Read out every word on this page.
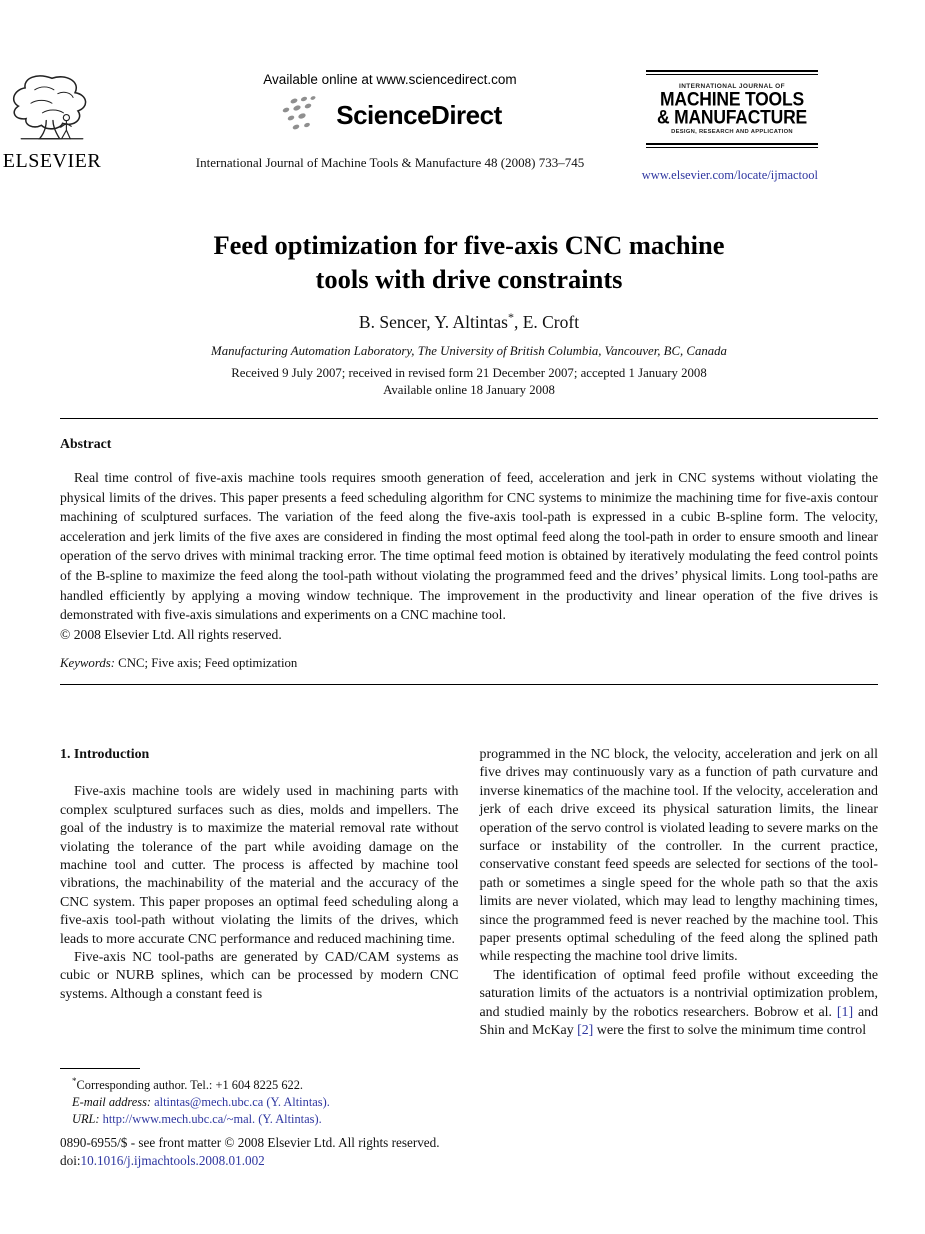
ELSEVIER
Available online at www.sciencedirect.com
ScienceDirect
International Journal of Machine Tools & Manufacture 48 (2008) 733–745
INTERNATIONAL JOURNAL OF
MACHINE TOOLS
& MANUFACTURE
DESIGN, RESEARCH AND APPLICATION
www.elsevier.com/locate/ijmactool
Feed optimization for five-axis CNC machine
tools with drive constraints
B. Sencer, Y. Altintas*, E. Croft
Manufacturing Automation Laboratory, The University of British Columbia, Vancouver, BC, Canada
Received 9 July 2007; received in revised form 21 December 2007; accepted 1 January 2008
Available online 18 January 2008
Abstract
Real time control of five-axis machine tools requires smooth generation of feed, acceleration and jerk in CNC systems without violating the physical limits of the drives. This paper presents a feed scheduling algorithm for CNC systems to minimize the machining time for five-axis contour machining of sculptured surfaces. The variation of the feed along the five-axis tool-path is expressed in a cubic B-spline form. The velocity, acceleration and jerk limits of the five axes are considered in finding the most optimal feed along the tool-path in order to ensure smooth and linear operation of the servo drives with minimal tracking error. The time optimal feed motion is obtained by iteratively modulating the feed control points of the B-spline to maximize the feed along the tool-path without violating the programmed feed and the drives’ physical limits. Long tool-paths are handled efficiently by applying a moving window technique. The improvement in the productivity and linear operation of the five drives is demonstrated with five-axis simulations and experiments on a CNC machine tool.
© 2008 Elsevier Ltd. All rights reserved.
Keywords: CNC; Five axis; Feed optimization
1. Introduction

Five-axis machine tools are widely used in machining parts with complex sculptured surfaces such as dies, molds and impellers. The goal of the industry is to maximize the material removal rate without violating the tolerance of the part while avoiding damage on the machine tool and cutter. The process is affected by machine tool vibrations, the machinability of the material and the accuracy of the CNC system. This paper proposes an optimal feed scheduling along a five-axis tool-path without violating the limits of the drives, which leads to more accurate CNC performance and reduced machining time.

Five-axis NC tool-paths are generated by CAD/CAM systems as cubic or NURB splines, which can be processed by modern CNC systems. Although a constant feed is

*Corresponding author. Tel.: +1 604 8225 622.
E-mail address: altintas@mech.ubc.ca (Y. Altintas).
URL: http://www.mech.ubc.ca/~mal. (Y. Altintas).

programmed in the NC block, the velocity, acceleration and jerk on all five drives may continuously vary as a function of path curvature and inverse kinematics of the machine tool. If the velocity, acceleration and jerk of each drive exceed its physical saturation limits, the linear operation of the servo control is violated leading to severe marks on the surface or instability of the controller. In the current practice, conservative constant feed speeds are selected for sections of the tool-path or sometimes a single speed for the whole path so that the axis limits are never violated, which may lead to lengthy machining times, since the programmed feed is never reached by the machine tool. This paper presents optimal scheduling of the feed along the splined path while respecting the machine tool drive limits.

The identification of optimal feed profile without exceeding the saturation limits of the actuators is a nontrivial optimization problem, and studied mainly by the robotics researchers. Bobrow et al. [1] and Shin and McKay [2] were the first to solve the minimum time control

0890-6955/$ - see front matter © 2008 Elsevier Ltd. All rights reserved.
doi:10.1016/j.ijmachtools.2008.01.002
